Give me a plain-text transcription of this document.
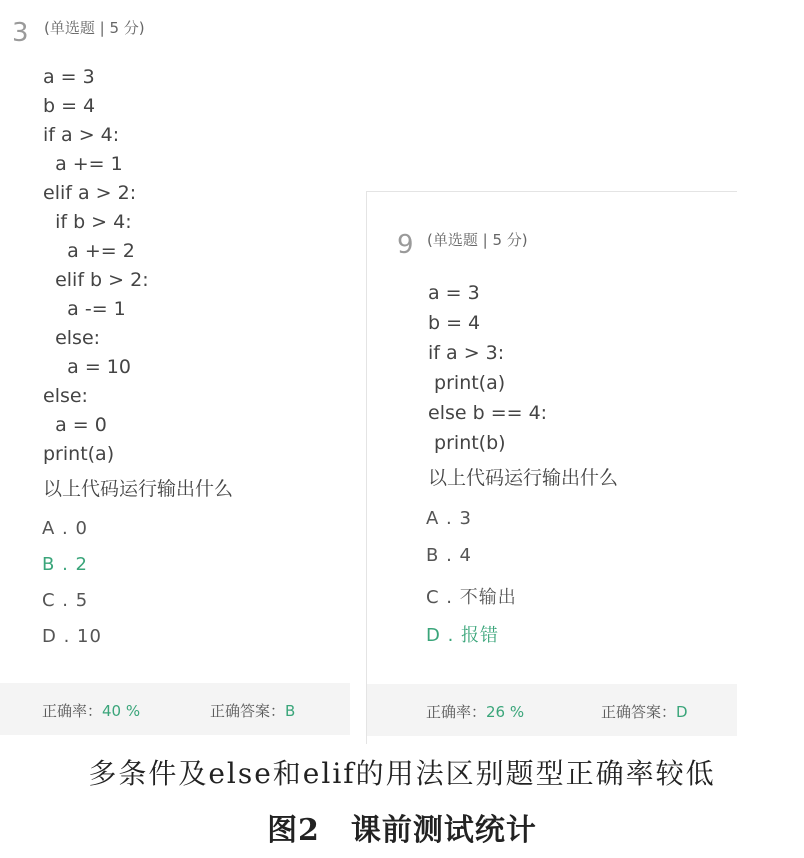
3 (单选题 | 5 分)
a = 3
b = 4
if a > 4:
a += 1
elif a > 2:
if b > 4:
a += 2
elif b > 2:
a -= 1
else:
a = 10
else:
a = 0
print(a)
以上代码运行输出什么
A . 0
B . 2
C . 5
D . 10
正确率：40 %	正确答案：B
9 (单选题 | 5 分)
a = 3
b = 4
if a > 3:
print(a)
else b == 4:
print(b)
以上代码运行输出什么
A . 3
B . 4
C . 不输出
D . 报错
正确率：26 %	正确答案：D
多条件及else和elif的用法区别题型正确率较低
图2　课前测试统计
